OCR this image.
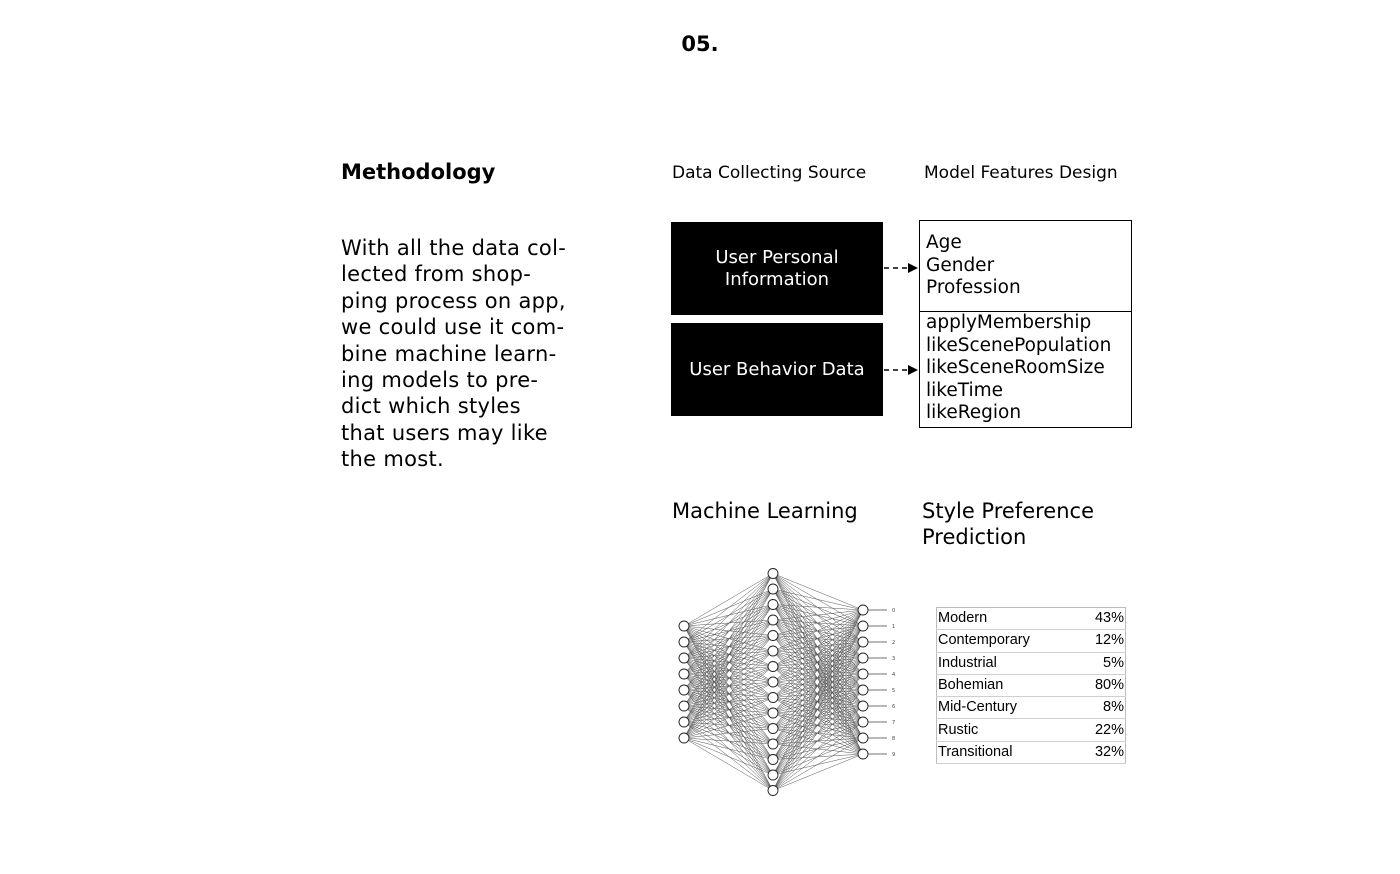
05.
Methodology
With all the data col-
lected from shop-
ping process on app,
we could use it com-
bine machine learn-
ing models to pre-
dict which styles
that users may like
the most.
Data Collecting Source	Model Features Design
User Personal
Information
User Behavior Data
Age
Gender
Profession
applyMembership
likeScenePopulation
likeSceneRoomSize
likeTime
likeRegion
Machine Learning	Style Preference
Prediction
0
1
2
3
4
5
6
7
8
9
Modern	43%
Contemporary	12%
Industrial	5%
Bohemian	80%
Mid-Century	8%
Rustic	22%
Transitional	32%
